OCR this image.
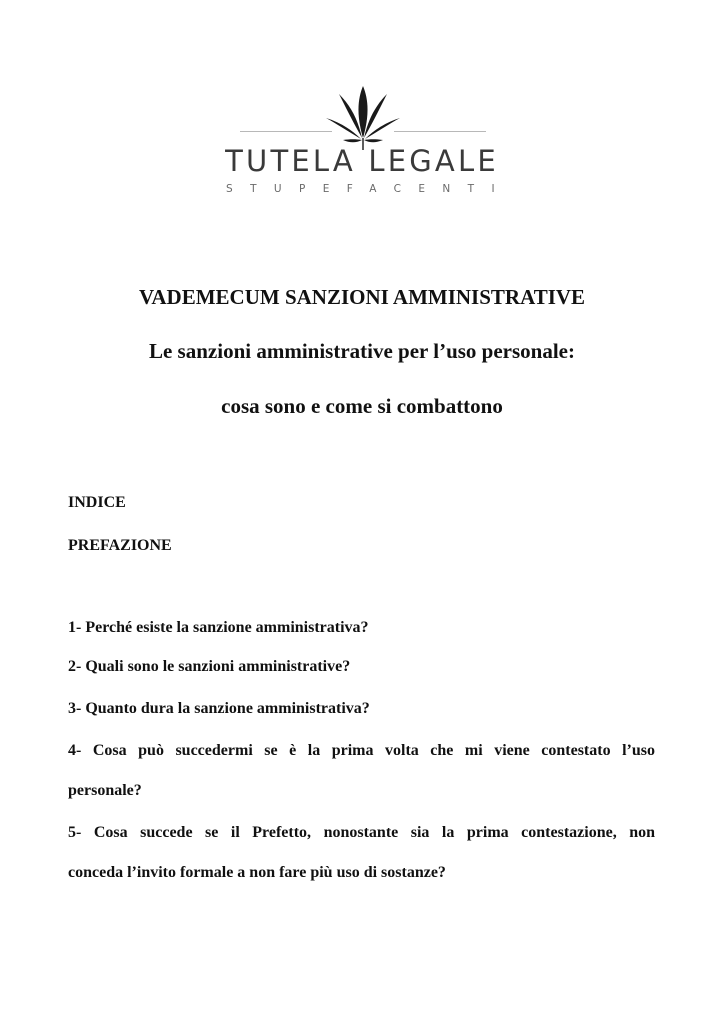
TUTELA LEGALE
STUPEFACENTI
VADEMECUM SANZIONI AMMINISTRATIVE
Le sanzioni amministrative per l’uso personale:
cosa sono e come si combattono
INDICE
PREFAZIONE
1- Perché esiste la sanzione amministrativa?
2- Quali sono le sanzioni amministrative?
3- Quanto dura la sanzione amministrativa?
4- Cosa può succedermi se è la prima volta che mi viene contestato l’uso
personale?
5- Cosa succede se il Prefetto, nonostante sia la prima contestazione, non
conceda l’invito formale a non fare più uso di sostanze?
